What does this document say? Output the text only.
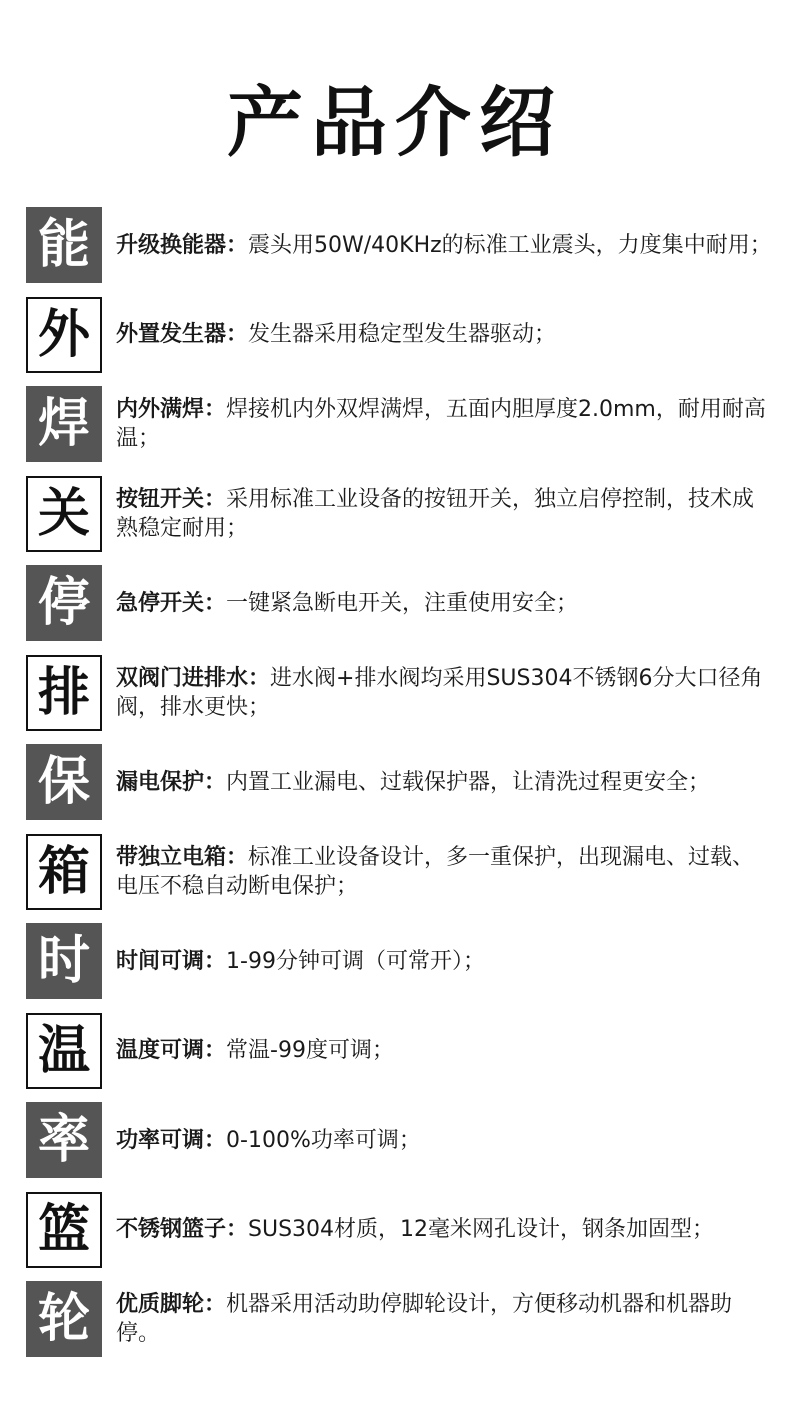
产品介绍
能	升级换能器：震头用50W/40KHz的标准工业震头，力度集中耐用；
外	外置发生器：发生器采用稳定型发生器驱动；
焊	内外满焊：焊接机内外双焊满焊，五面内胆厚度2.0mm，耐用耐高温；
关	按钮开关：采用标准工业设备的按钮开关，独立启停控制，技术成熟稳定耐用；
停	急停开关：一键紧急断电开关，注重使用安全；
排	双阀门进排水：进水阀+排水阀均采用SUS304不锈钢6分大口径角阀，排水更快；
保	漏电保护：内置工业漏电、过载保护器，让清洗过程更安全；
箱	带独立电箱：标准工业设备设计，多一重保护，出现漏电、过载、电压不稳自动断电保护；
时	时间可调：1-99分钟可调（可常开）；
温	温度可调：常温-99度可调；
率	功率可调：0-100%功率可调；
篮	不锈钢篮子：SUS304材质，12毫米网孔设计，钢条加固型；
轮	优质脚轮：机器采用活动助停脚轮设计，方便移动机器和机器助停。
